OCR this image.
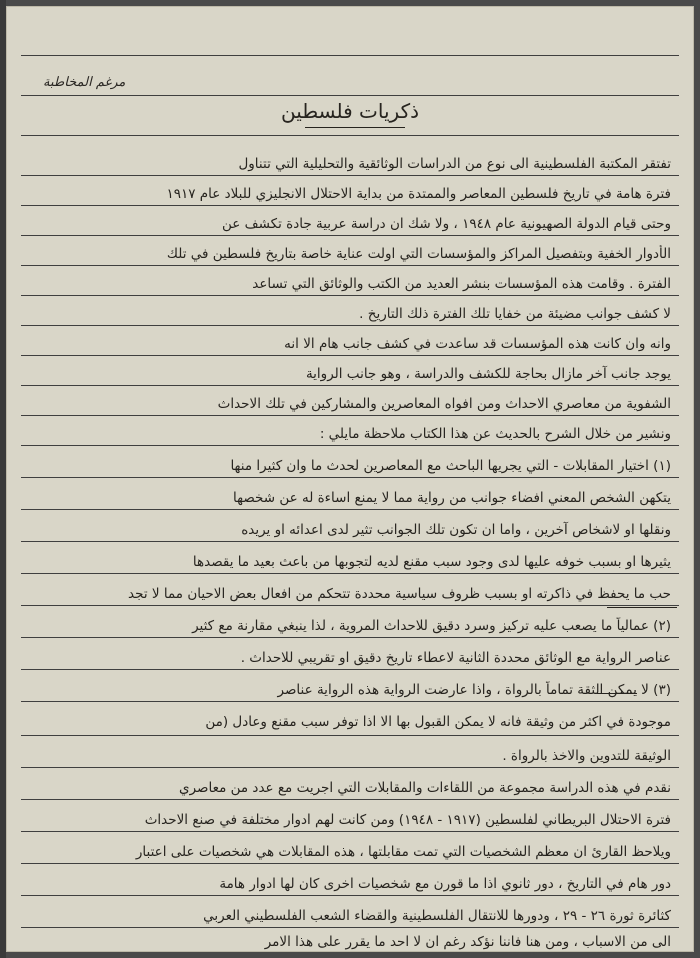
مرغم المخاطبة
ذكريات فلسطين
تفتقر المكتبة الفلسطينية الى نوع من الدراسات الوثائقية والتحليلية التي تتناول
فترة هامة في تاريخ فلسطين المعاصر والممتدة من بداية الاحتلال الانجليزي للبلاد عام ١٩١٧
وحتى قيام الدولة الصهيونية عام ١٩٤٨ ، ولا شك ان دراسة عربية جادة تكشف عن
الأدوار الخفية وبتفصيل المراكز والمؤسسات التي اولت عناية خاصة بتاريخ فلسطين في تلك
الفترة . وقامت هذه المؤسسات بنشر العديد من الكتب والوثائق التي تساعد
لا كشف جوانب مضيئة من خفايا تلك الفترة ذلك التاريخ .
وانه وان كانت هذه المؤسسات قد ساعدت في كشف جانب هام الا انه
يوجد جانب آخر مازال بحاجة للكشف والدراسة ، وهو جانب الرواية
الشفوية من معاصري الاحداث ومن افواه المعاصرين والمشاركين في تلك الاحداث
ونشير من خلال الشرح بالحديث عن هذا الكتاب ملاحظة مايلي :
(١) اختيار المقابلات - التي يجريها الباحث مع المعاصرين لحدث ما وان كثيرا منها
يتكهن الشخص المعني افضاء جوانب من رواية مما لا يمنع اساءة له عن شخصها
ونقلها او لاشخاص آخرين ، واما ان تكون تلك الجوانب تثير لدى اعدائه او يريده
يثيرها او بسبب خوفه عليها لدى وجود سبب مقنع لديه لتجوبها من باعث بعيد ما يقصدها
حب ما يحفظ في ذاكرته او بسبب ظروف سياسية محددة تتحكم من افعال بعض الاحيان مما لا تجد
(٢) عمالياً ما يصعب عليه تركيز وسرد دقيق للاحداث المروية ، لذا ينبغي مقارنة مع كثير
عناصر الرواية مع الوثائق محددة الثانية لاعطاء تاريخ دقيق او تقريبي للاحداث .
(٣) لا يمكن الثقة تماماً بالرواة ، واذا عارضت الرواية هذه الرواية عناصر
موجودة في اكثر من وثيقة فانه لا يمكن القبول بها الا اذا توفر سبب مقنع وعادل (من
الوثيقة للتدوين والاخذ بالرواة .
نقدم في هذه الدراسة مجموعة من اللقاءات والمقابلات التي اجريت مع عدد من معاصري
فترة الاحتلال البريطاني لفلسطين (١٩١٧ - ١٩٤٨) ومن كانت لهم ادوار مختلفة في صنع الاحداث
ويلاحظ القارئ ان معظم الشخصيات التي تمت مقابلتها ، هذه المقابلات هي شخصيات على اعتبار
دور هام في التاريخ ، دور ثانوي اذا ما قورن مع شخصيات اخرى كان لها ادوار هامة
كثائرة ثورة ٢٦ - ٢٩ ، ودورها للانتقال الفلسطينية والقضاء الشعب الفلسطيني العربي
الى من الاسباب ، ومن هنا فاننا نؤكد رغم ان لا احد ما يقرر على هذا الامر
